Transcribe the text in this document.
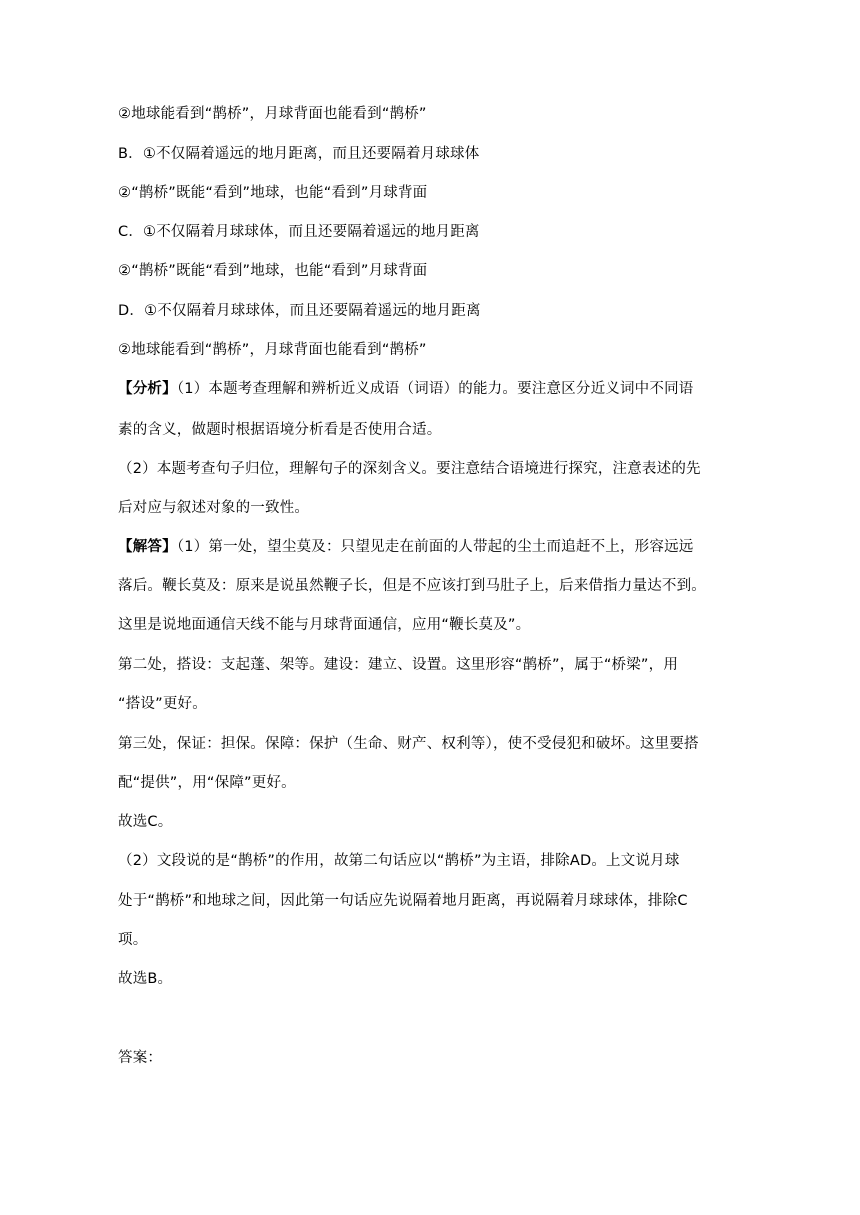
②地球能看到“鹊桥”，月球背面也能看到“鹊桥”
B．①不仅隔着遥远的地月距离，而且还要隔着月球球体
②“鹊桥”既能“看到”地球，也能“看到”月球背面
C．①不仅隔着月球球体，而且还要隔着遥远的地月距离
②“鹊桥”既能“看到”地球，也能“看到”月球背面
D．①不仅隔着月球球体，而且还要隔着遥远的地月距离
②地球能看到“鹊桥”，月球背面也能看到“鹊桥”
【分析】（1）本题考查理解和辨析近义成语（词语）的能力。要注意区分近义词中不同语
素的含义，做题时根据语境分析看是否使用合适。
（2）本题考查句子归位，理解句子的深刻含义。要注意结合语境进行探究，注意表述的先
后对应与叙述对象的一致性。
【解答】（1）第一处，望尘莫及：只望见走在前面的人带起的尘土而追赶不上，形容远远
落后。鞭长莫及：原来是说虽然鞭子长，但是不应该打到马肚子上，后来借指力量达不到。
这里是说地面通信天线不能与月球背面通信，应用“鞭长莫及”。
第二处，搭设：支起蓬、架等。建设：建立、设置。这里形容“鹊桥”，属于“桥梁”，用
“搭设”更好。
第三处，保证：担保。保障：保护（生命、财产、权利等），使不受侵犯和破坏。这里要搭
配“提供”，用“保障”更好。
故选C。
（2）文段说的是“鹊桥”的作用，故第二句话应以“鹊桥”为主语，排除AD。上文说月球
处于“鹊桥”和地球之间，因此第一句话应先说隔着地月距离，再说隔着月球球体，排除C
项。
故选B。
答案：
